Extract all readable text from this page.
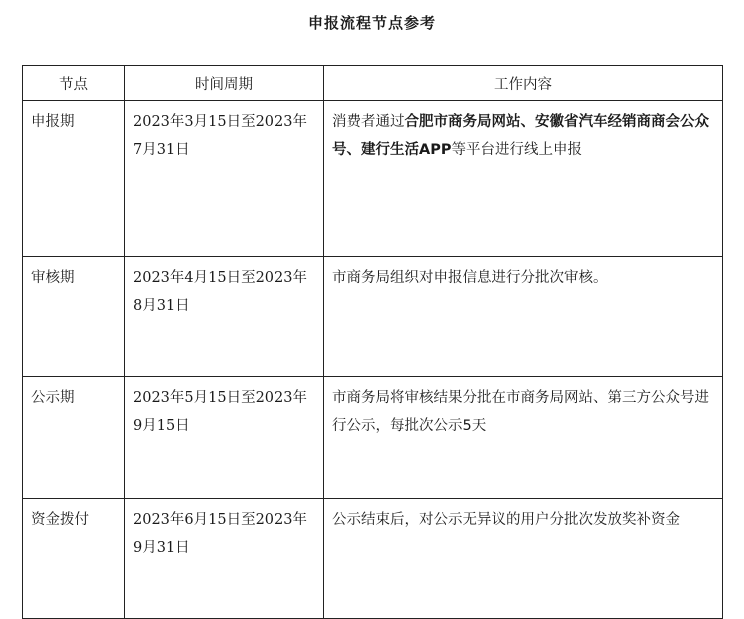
申报流程节点参考
节点	时间周期	工作内容
申报期	2023年3月15日至2023年7月31日	消费者通过合肥市商务局网站、安徽省汽车经销商商会公众号、建行生活APP等平台进行线上申报
审核期	2023年4月15日至2023年8月31日	市商务局组织对申报信息进行分批次审核。
公示期	2023年5月15日至2023年9月15日	市商务局将审核结果分批在市商务局网站、第三方公众号进行公示，每批次公示5天
资金拨付	2023年6月15日至2023年9月31日	公示结束后，对公示无异议的用户分批次发放奖补资金
